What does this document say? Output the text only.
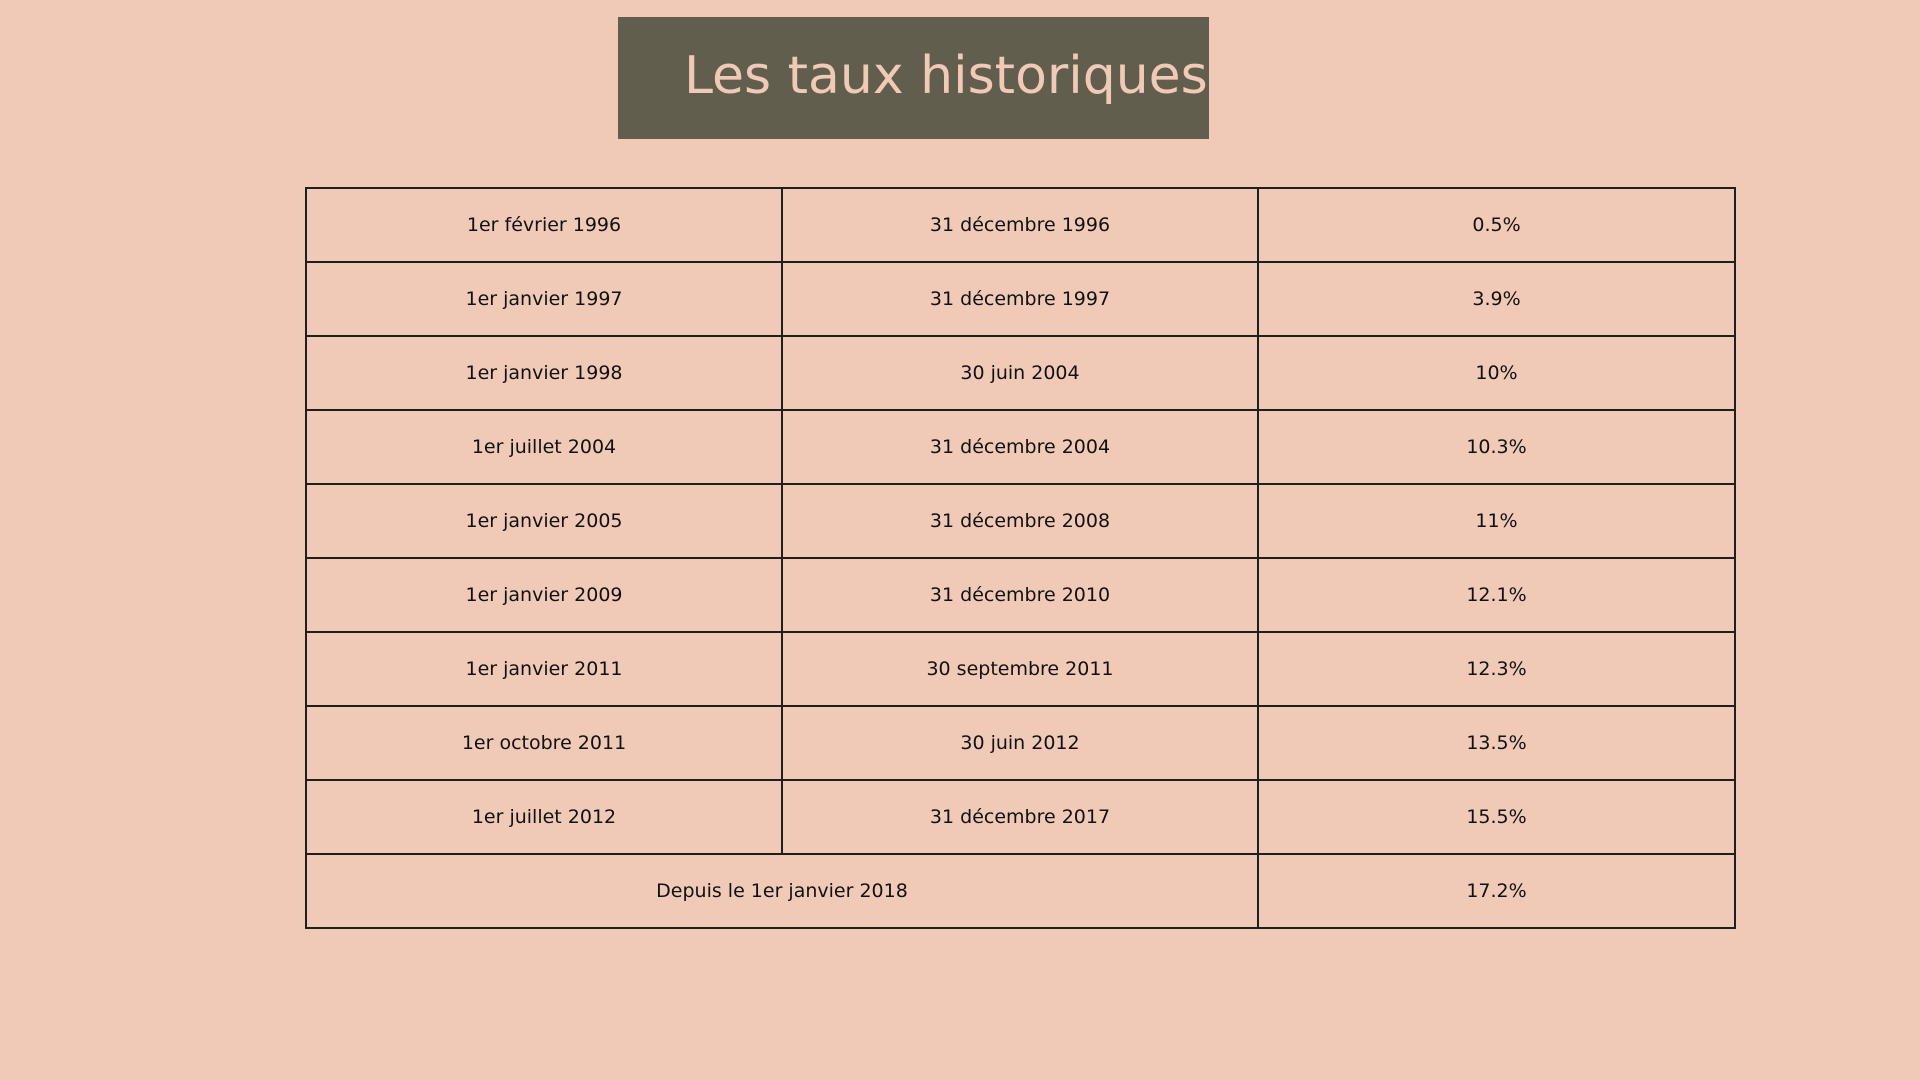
Les taux historiques
1er février 1996	31 décembre 1996	0.5%
1er janvier 1997	31 décembre 1997	3.9%
1er janvier 1998	30 juin 2004	10%
1er juillet 2004	31 décembre 2004	10.3%
1er janvier 2005	31 décembre 2008	11%
1er janvier 2009	31 décembre 2010	12.1%
1er janvier 2011	30 septembre 2011	12.3%
1er octobre 2011	30 juin 2012	13.5%
1er juillet 2012	31 décembre 2017	15.5%
Depuis le 1er janvier 2018		17.2%
